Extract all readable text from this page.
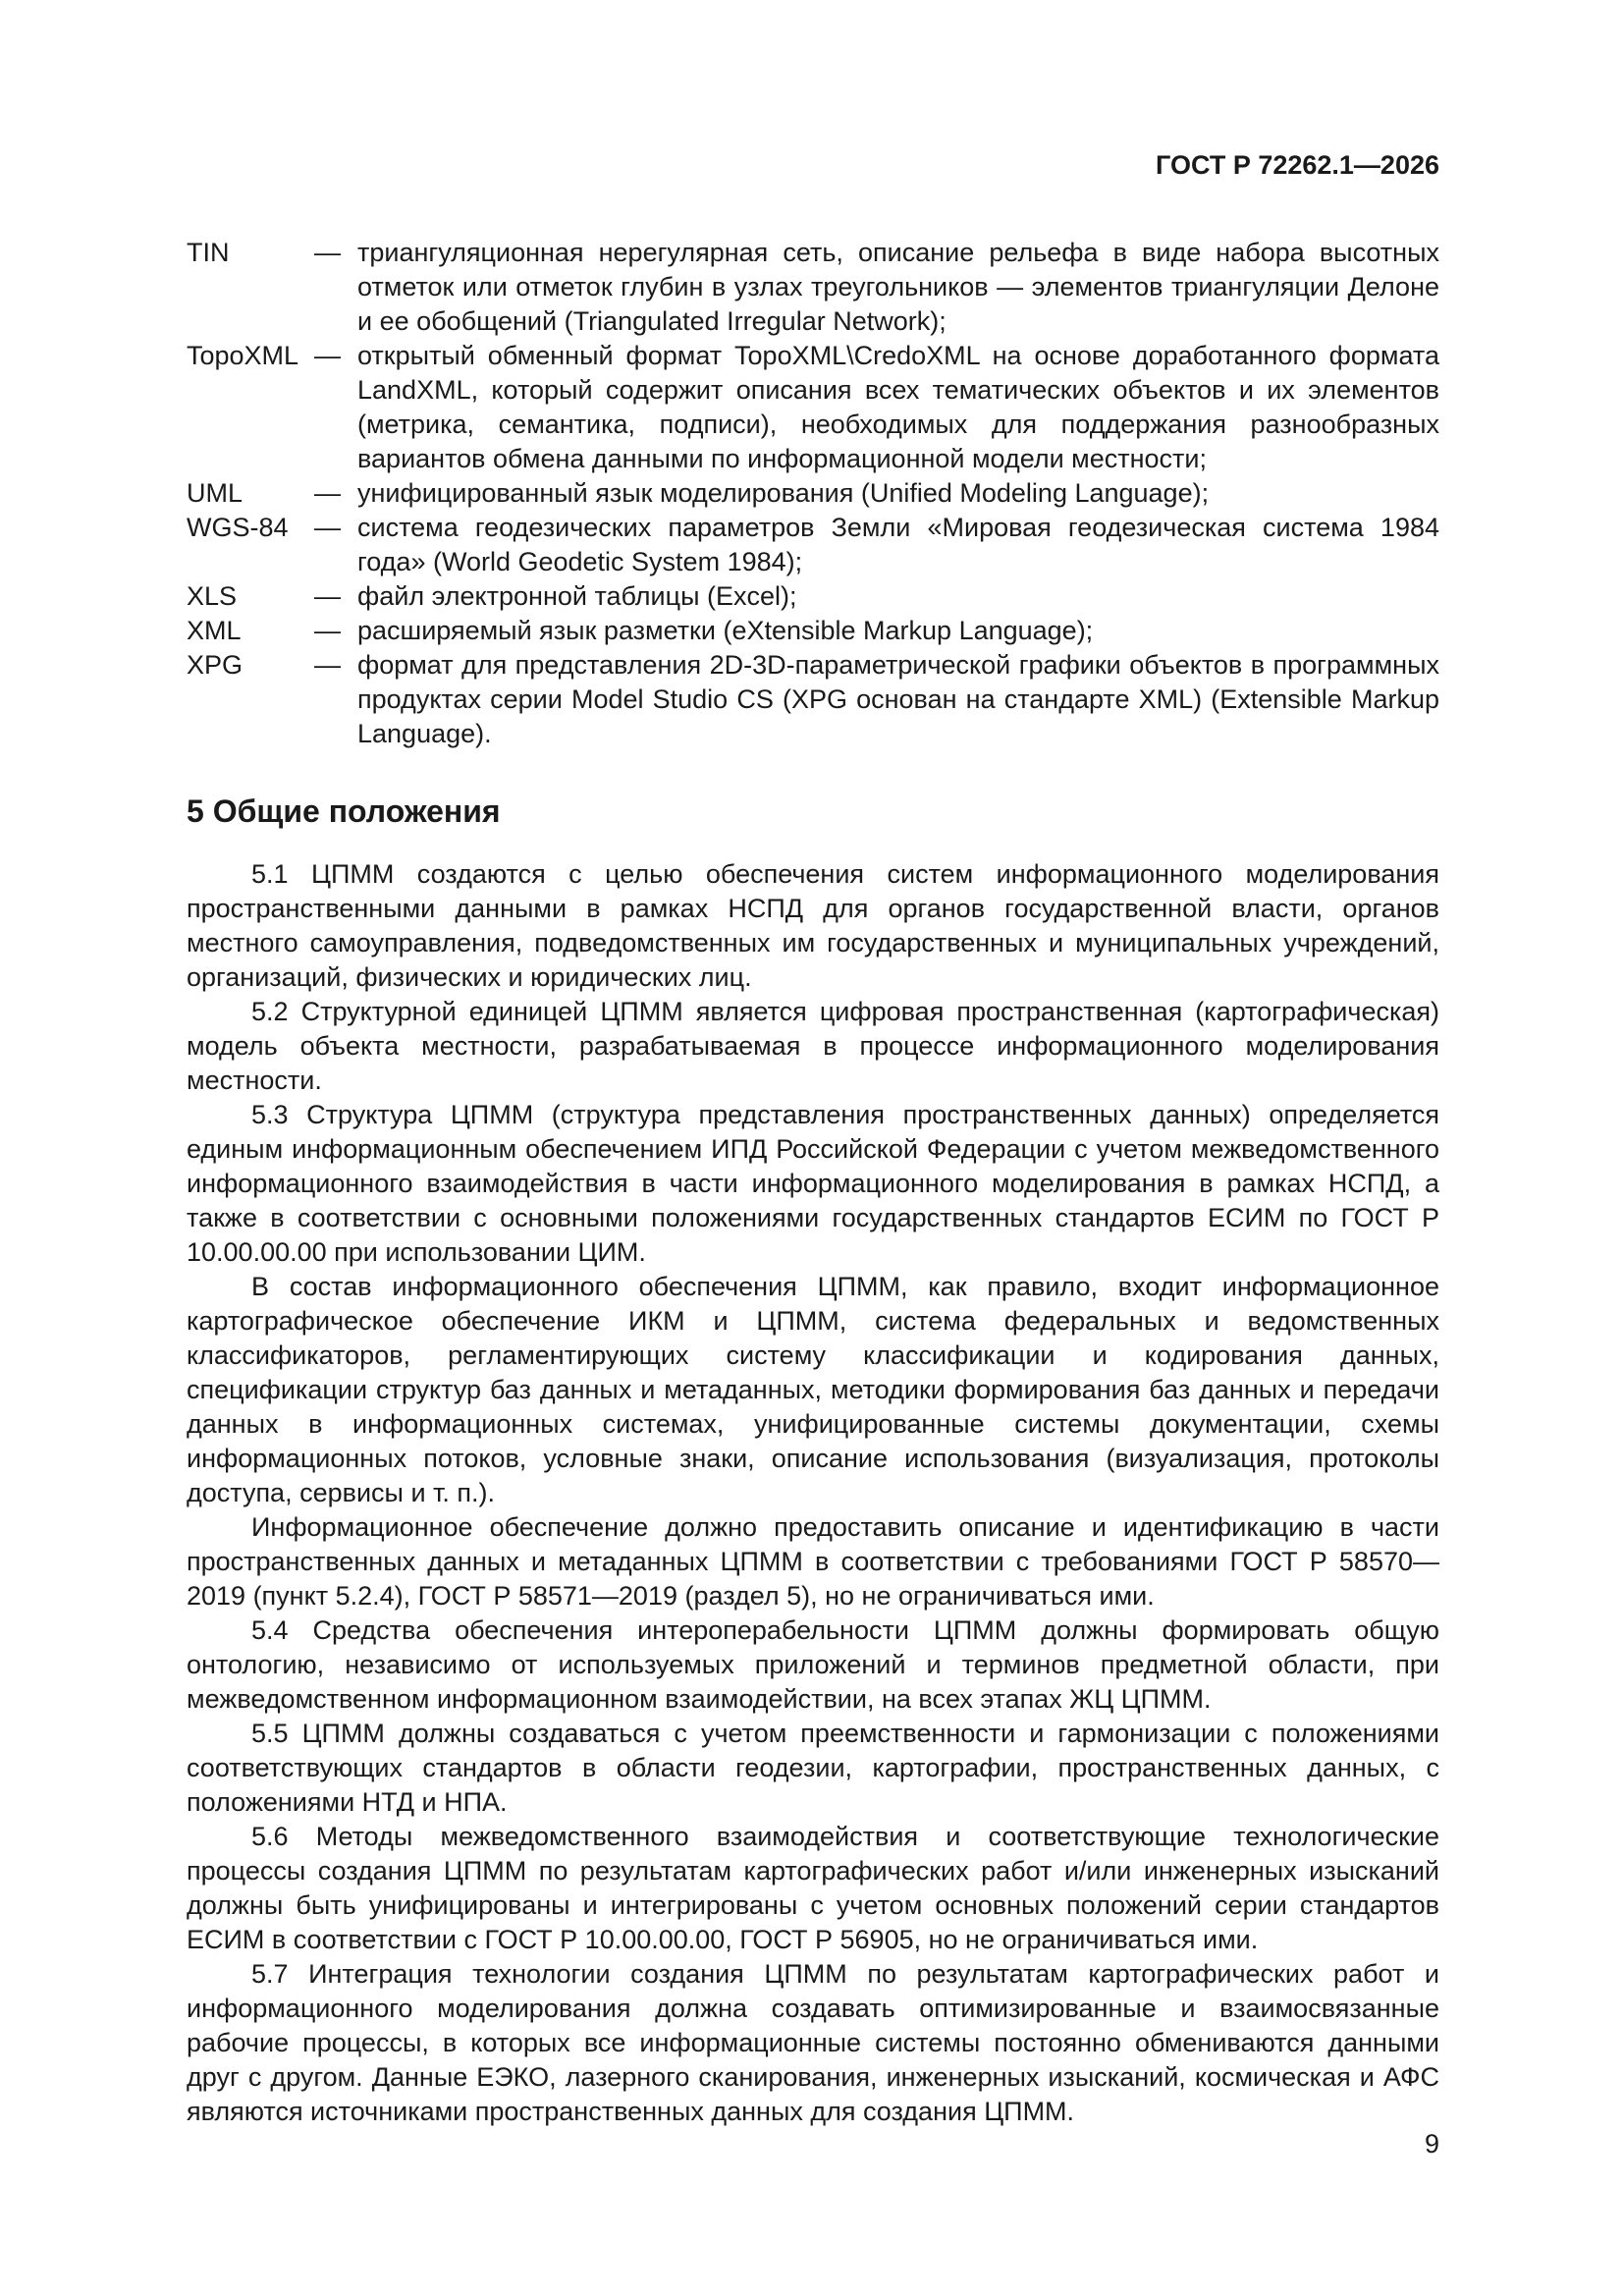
ГОСТ Р 72262.1—2026
TIN	— триангуляционная нерегулярная сеть, описание рельефа в виде набора высотных отметок или отметок глубин в узлах треугольников — элементов триангуляции Делоне и ее обобщений (Triangulated Irregular Network);
TopoXML — открытый обменный формат TopoXML\CredoXML на основе доработанного формата LandXML, который содержит описания всех тематических объектов и их элементов (метрика, семантика, подписи), необходимых для поддержания разнообразных вариантов обмена данными по информационной модели местности;
UML	— унифицированный язык моделирования (Unified Modeling Language);
WGS-84 — система геодезических параметров Земли «Мировая геодезическая система 1984 года» (World Geodetic System 1984);
XLS	— файл электронной таблицы (Excel);
XML	— расширяемый язык разметки (eXtensible Markup Language);
XPG	— формат для представления 2D-3D-параметрической графики объектов в программных продуктах серии Model Studio CS (XPG основан на стандарте XML) (Extensible Markup Language).
5 Общие положения

5.1 ЦПММ создаются с целью обеспечения систем информационного моделирования пространственными данными в рамках НСПД для органов государственной власти, органов местного самоуправления, подведомственных им государственных и муниципальных учреждений, организаций, физических и юридических лиц.

5.2 Структурной единицей ЦПММ является цифровая пространственная (картографическая) модель объекта местности, разрабатываемая в процессе информационного моделирования местности.

5.3 Структура ЦПММ (структура представления пространственных данных) определяется единым информационным обеспечением ИПД Российской Федерации с учетом межведомственного информационного взаимодействия в части информационного моделирования в рамках НСПД, а также в соответствии с основными положениями государственных стандартов ЕСИМ по ГОСТ Р 10.00.00.00 при использовании ЦИМ.

В состав информационного обеспечения ЦПММ, как правило, входит информационное картографическое обеспечение ИКМ и ЦПММ, система федеральных и ведомственных классификаторов, регламентирующих систему классификации и кодирования данных, спецификации структур баз данных и метаданных, методики формирования баз данных и передачи данных в информационных системах, унифицированные системы документации, схемы информационных потоков, условные знаки, описание использования (визуализация, протоколы доступа, сервисы и т. п.).

Информационное обеспечение должно предоставить описание и идентификацию в части пространственных данных и метаданных ЦПММ в соответствии с требованиями ГОСТ Р 58570—2019 (пункт 5.2.4), ГОСТ Р 58571—2019 (раздел 5), но не ограничиваться ими.

5.4 Средства обеспечения интероперабельности ЦПММ должны формировать общую онтологию, независимо от используемых приложений и терминов предметной области, при межведомственном информационном взаимодействии, на всех этапах ЖЦ ЦПММ.

5.5 ЦПММ должны создаваться с учетом преемственности и гармонизации с положениями соответствующих стандартов в области геодезии, картографии, пространственных данных, с положениями НТД и НПА.

5.6 Методы межведомственного взаимодействия и соответствующие технологические процессы создания ЦПММ по результатам картографических работ и/или инженерных изысканий должны быть унифицированы и интегрированы с учетом основных положений серии стандартов ЕСИМ в соответствии с ГОСТ Р 10.00.00.00, ГОСТ Р 56905, но не ограничиваться ими.

5.7 Интеграция технологии создания ЦПММ по результатам картографических работ и информационного моделирования должна создавать оптимизированные и взаимосвязанные рабочие процессы, в которых все информационные системы постоянно обмениваются данными друг с другом. Данные ЕЭКО, лазерного сканирования, инженерных изысканий, космическая и АФС являются источниками пространственных данных для создания ЦПММ.

9
